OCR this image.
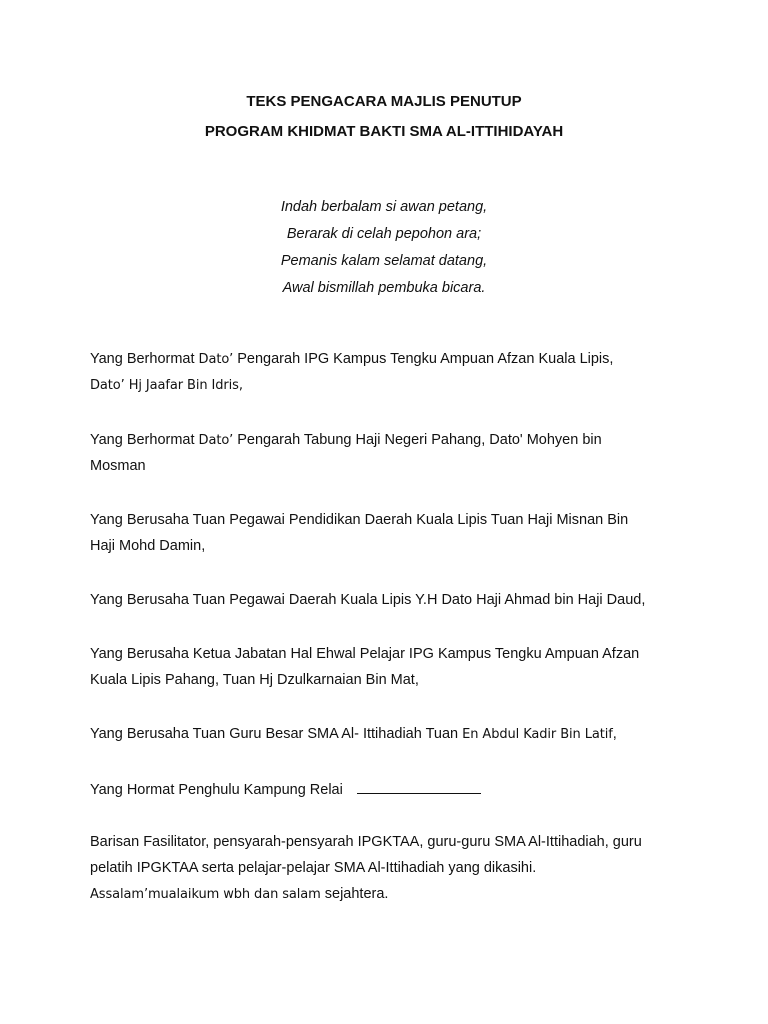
TEKS PENGACARA MAJLIS PENUTUP
PROGRAM KHIDMAT BAKTI SMA AL-ITTIHIDAYAH
Indah berbalam si awan petang,
Berarak di celah pepohon ara;
Pemanis kalam selamat datang,
Awal bismillah pembuka bicara.
Yang Berhormat Dato’ Pengarah IPG Kampus Tengku Ampuan Afzan Kuala Lipis,
Dato’ Hj Jaafar Bin Idris,
Yang Berhormat Dato’ Pengarah Tabung Haji Negeri Pahang, Dato' Mohyen bin
Mosman
Yang Berusaha Tuan Pegawai Pendidikan Daerah Kuala Lipis Tuan Haji Misnan Bin
Haji Mohd Damin,
Yang Berusaha Tuan Pegawai Daerah Kuala Lipis Y.H Dato Haji Ahmad bin Haji Daud,
Yang Berusaha Ketua Jabatan Hal Ehwal Pelajar IPG Kampus Tengku Ampuan Afzan
Kuala Lipis Pahang, Tuan Hj Dzulkarnaian Bin Mat,
Yang Berusaha Tuan Guru Besar SMA Al- Ittihadiah Tuan En Abdul Kadir Bin Latif,
Yang Hormat Penghulu Kampung Relai
Barisan Fasilitator, pensyarah-pensyarah IPGKTAA, guru-guru SMA Al-Ittihadiah, guru
pelatih IPGKTAA serta pelajar-pelajar SMA Al-Ittihadiah yang dikasihi.
Assalam’mualaikum wbh dan salam sejahtera.
